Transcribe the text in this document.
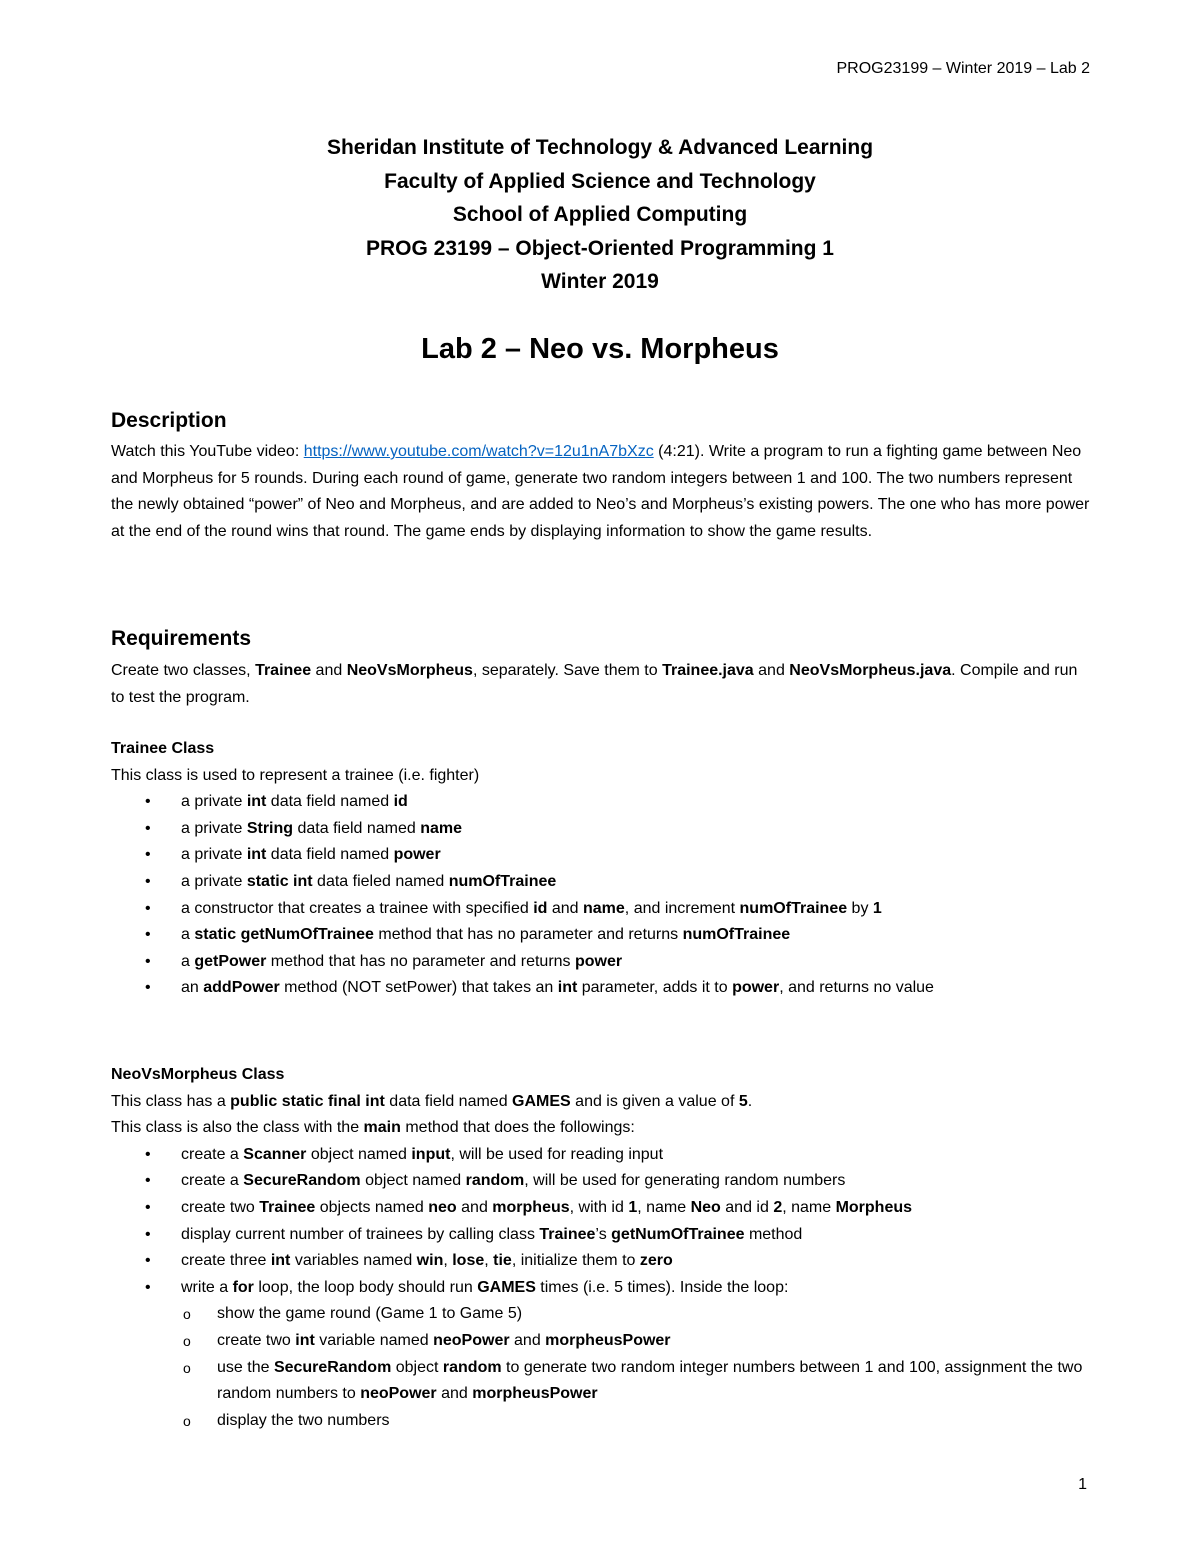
PROG23199 – Winter 2019 – Lab 2
Sheridan Institute of Technology & Advanced Learning
Faculty of Applied Science and Technology
School of Applied Computing
PROG 23199 – Object-Oriented Programming 1
Winter 2019
Lab 2 – Neo vs. Morpheus
Description
Watch this YouTube video: https://www.youtube.com/watch?v=12u1nA7bXzc (4:21). Write a program to run a fighting game between Neo and Morpheus for 5 rounds. During each round of game, generate two random integers between 1 and 100. The two numbers represent the newly obtained “power” of Neo and Morpheus, and are added to Neo’s and Morpheus’s existing powers. The one who has more power at the end of the round wins that round. The game ends by displaying information to show the game results.
Requirements
Create two classes, Trainee and NeoVsMorpheus, separately. Save them to Trainee.java and NeoVsMorpheus.java. Compile and run to test the program.

Trainee Class

This class is used to represent a trainee (i.e. fighter)

• a private int data field named id
• a private String data field named name
• a private int data field named power
• a private static int data fieled named numOfTrainee
• a constructor that creates a trainee with specified id and name, and increment numOfTrainee by 1
• a static getNumOfTrainee method that has no parameter and returns numOfTrainee
• a getPower method that has no parameter and returns power
• an addPower method (NOT setPower) that takes an int parameter, adds it to power, and returns no value

NeoVsMorpheus Class

This class has a public static final int data field named GAMES and is given a value of 5.

This class is also the class with the main method that does the followings:

• create a Scanner object named input, will be used for reading input
• create a SecureRandom object named random, will be used for generating random numbers
• create two Trainee objects named neo and morpheus, with id 1, name Neo and id 2, name Morpheus
• display current number of trainees by calling class Trainee’s getNumOfTrainee method
• create three int variables named win, lose, tie, initialize them to zero
• write a for loop, the loop body should run GAMES times (i.e. 5 times). Inside the loop:
o show the game round (Game 1 to Game 5)
o create two int variable named neoPower and morpheusPower
o use the SecureRandom object random to generate two random integer numbers between 1 and 100, assignment the two random numbers to neoPower and morpheusPower
o display the two numbers
1
